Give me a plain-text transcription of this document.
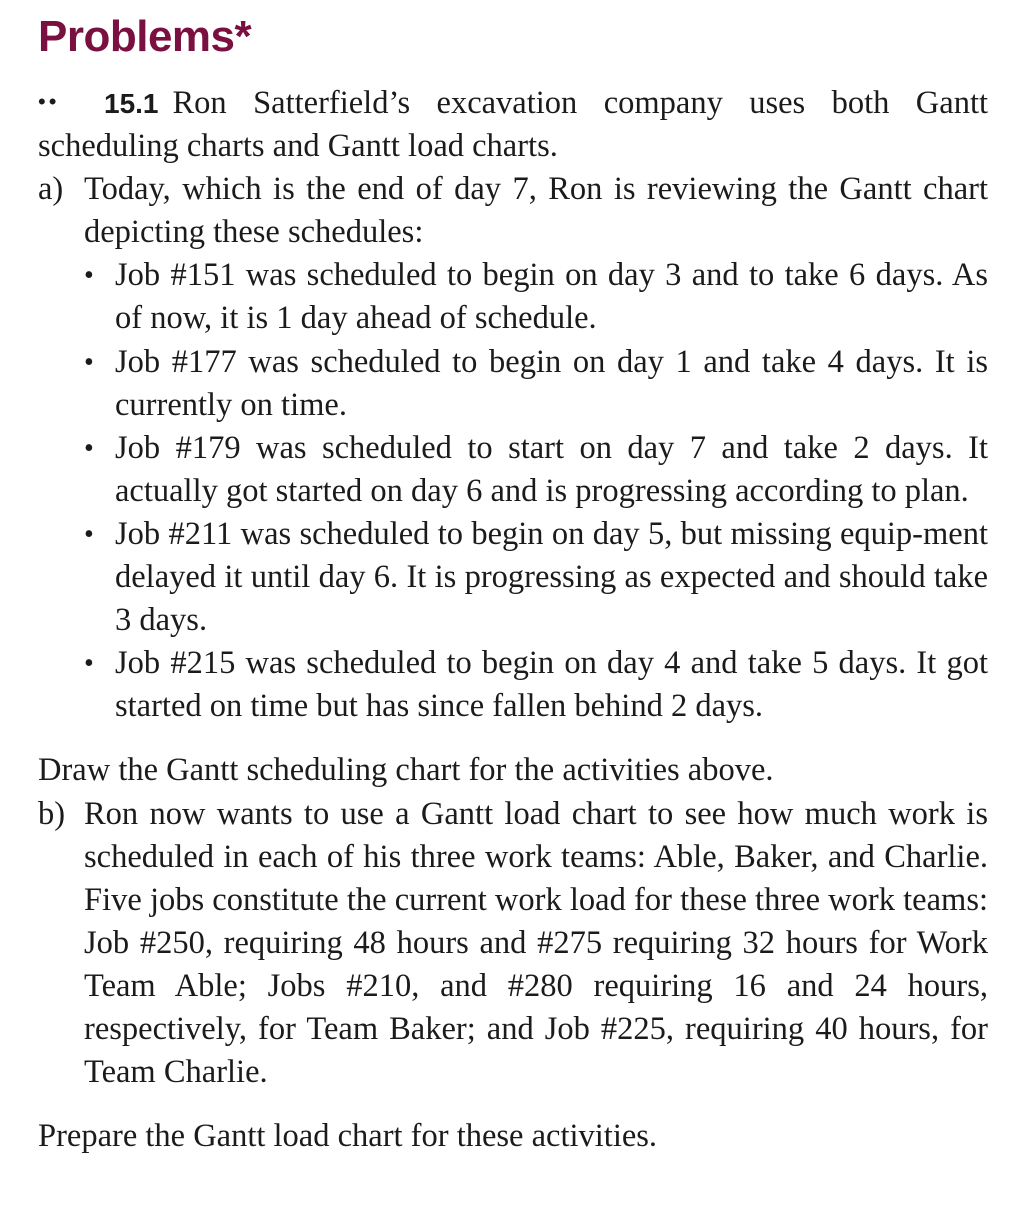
Problems*

•• 15.1 Ron Satterfield’s excavation company uses both Gantt scheduling charts and Gantt load charts.

a) Today, which is the end of day 7, Ron is reviewing the Gantt chart depicting these schedules:
• Job #151 was scheduled to begin on day 3 and to take 6 days. As of now, it is 1 day ahead of schedule.
• Job #177 was scheduled to begin on day 1 and take 4 days. It is currently on time.
• Job #179 was scheduled to start on day 7 and take 2 days. It actually got started on day 6 and is progressing according to plan.
• Job #211 was scheduled to begin on day 5, but missing equip-ment delayed it until day 6. It is progressing as expected and should take 3 days.
• Job #215 was scheduled to begin on day 4 and take 5 days. It got started on time but has since fallen behind 2 days.

Draw the Gantt scheduling chart for the activities above.

b) Ron now wants to use a Gantt load chart to see how much work is scheduled in each of his three work teams: Able, Baker, and Charlie. Five jobs constitute the current work load for these three work teams: Job #250, requiring 48 hours and #275 requiring 32 hours for Work Team Able; Jobs #210, and #280 requiring 16 and 24 hours, respectively, for Team Baker; and Job #225, requiring 40 hours, for Team Charlie.

Prepare the Gantt load chart for these activities.
